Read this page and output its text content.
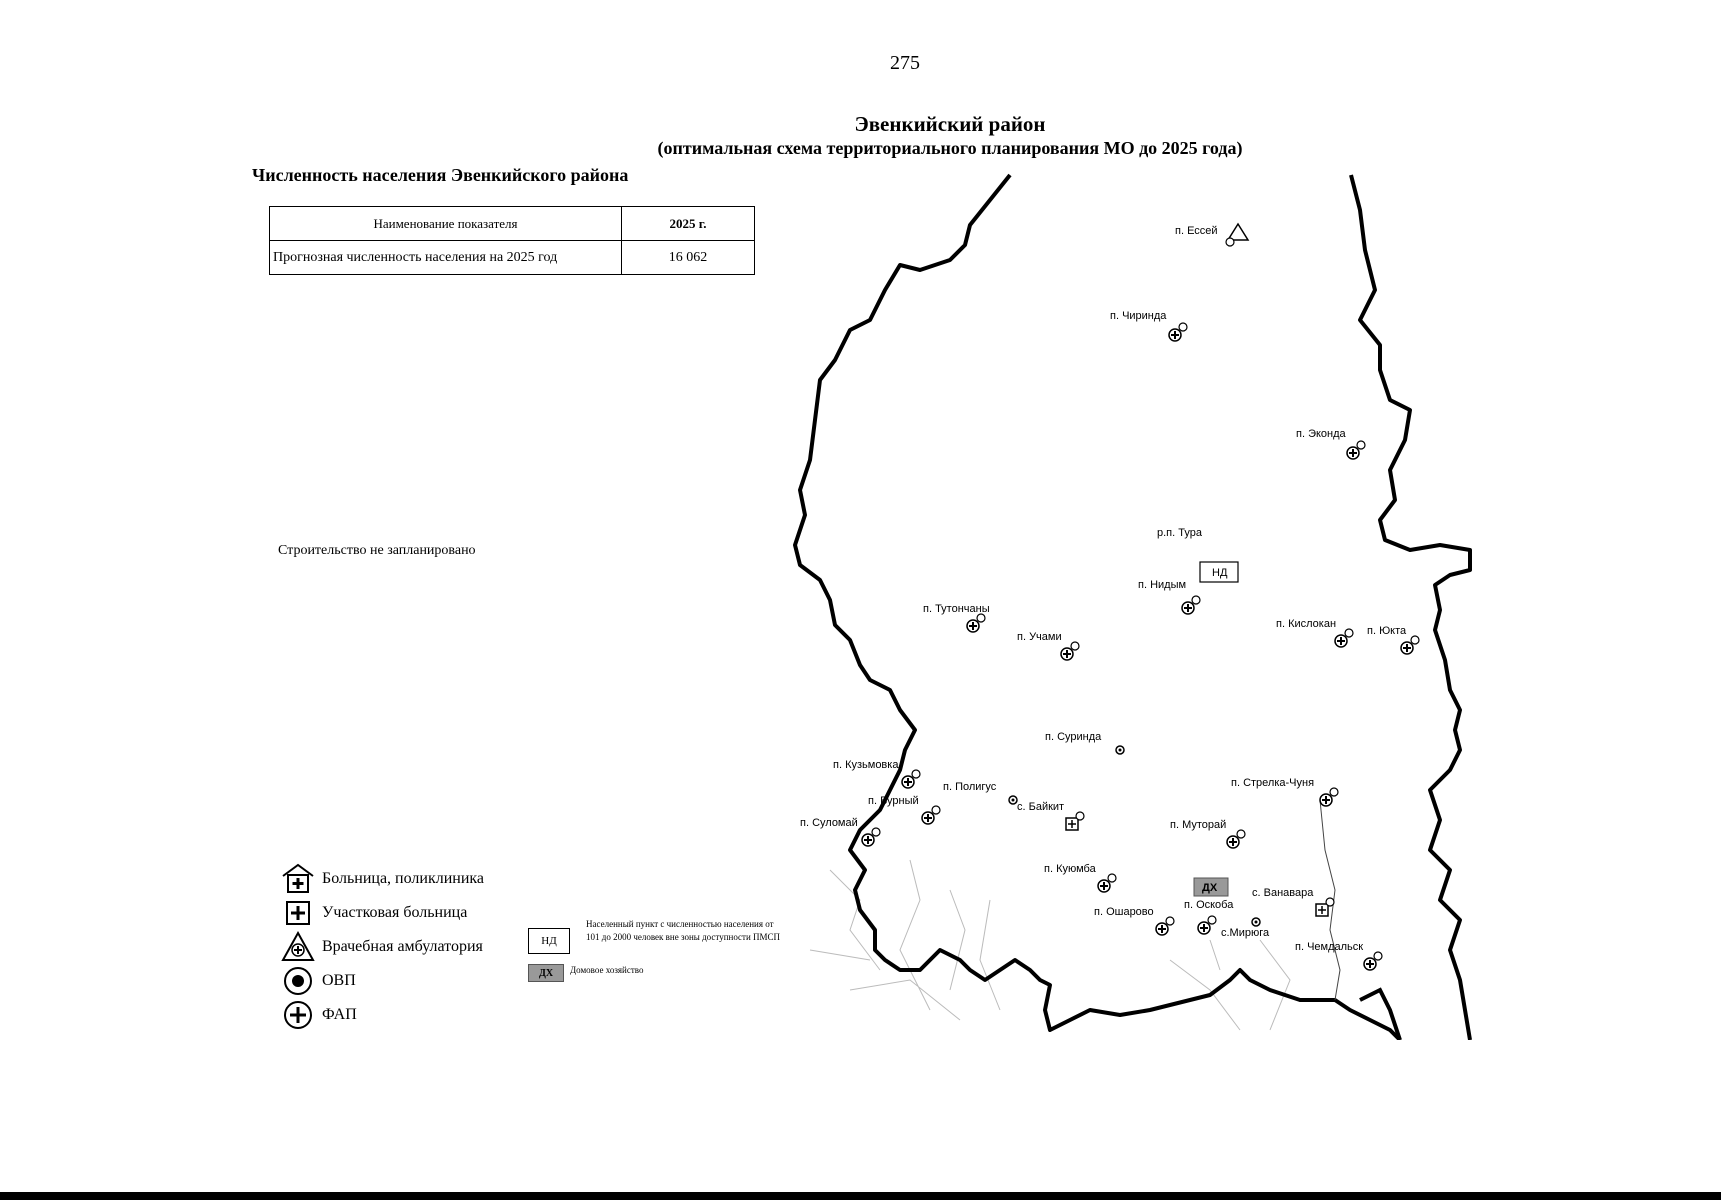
275
Эвенкийский район
(оптимальная схема территориального планирования МО до 2025 года)
Численность населения Эвенкийского района
Наименование показателя	2025 г.
Прогнозная численность населения на 2025 год	16 062
Строительство не запланировано
Больница, поликлиника
Участковая больница
Врачебная амбулатория
ОВП
ФАП
НД
Населенный пункт с численностью населения от 101 до 2000 человек вне зоны доступности ПМСП
ДХ	Домовое хозяйство
п. Ессей
п. Чиринда
п. Эконда
НД
р.п. Тура
п. Нидым
п. Тутончаны
п. Учами
п. Кислокан
п. Юкта
п. Суринда
п. Кузьмовка
п. Полигус
п. Бурный	с. Байкит
п. Стрелка-Чуня
п. Суломай	п. Муторай
п. Куюмба
с. Ванавара
п. Ошарово
п. Оскоба
с.Мирюга
п. Чемдальск
ДХ
